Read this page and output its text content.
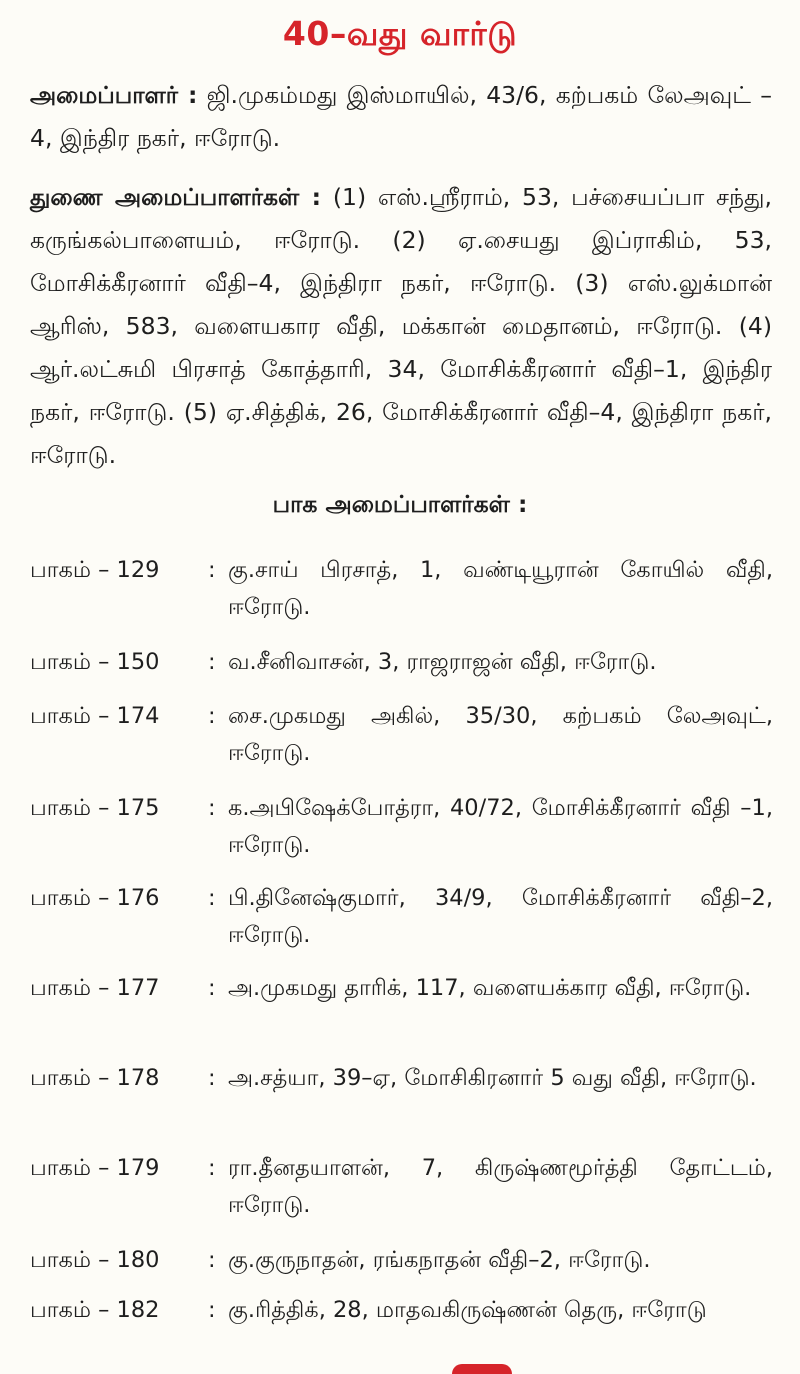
40–வது வார்டு
அமைப்பாளர் : ஜி.முகம்மது இஸ்மாயில், 43/6, கற்பகம் லேஅவுட் – 4, இந்திர நகர், ஈரோடு.
துணை அமைப்பாளர்கள் : (1) எஸ்.ஸ்ரீராம், 53, பச்சையப்பா சந்து, கருங்கல்பாளையம், ஈரோடு. (2) ஏ.சையது இப்ராகிம், 53, மோசிக்கீரனார் வீதி–4, இந்திரா நகர், ஈரோடு. (3) எஸ்.லுக்மான் ஆரிஸ், 583, வளையகார வீதி, மக்கான் மைதானம், ஈரோடு. (4) ஆர்.லட்சுமி பிரசாத் கோத்தாரி, 34, மோசிக்கீரனார் வீதி–1, இந்திர நகர், ஈரோடு. (5) ஏ.சித்திக், 26, மோசிக்கீரனார் வீதி–4, இந்திரா நகர், ஈரோடு.
பாக அமைப்பாளர்கள் :
பாகம் – 129 : கு.சாய் பிரசாத், 1, வண்டியூரான் கோயில் வீதி, ஈரோடு.
பாகம் – 150 : வ.சீனிவாசன், 3, ராஜராஜன் வீதி, ஈரோடு.
பாகம் – 174 : சை.முகமது அகில், 35/30, கற்பகம் லேஅவுட், ஈரோடு.
பாகம் – 175 : க.அபிஷேக்போத்ரா, 40/72, மோசிக்கீரனார் வீதி –1, ஈரோடு.
பாகம் – 176 : பி.தினேஷ்குமார், 34/9, மோசிக்கீரனார் வீதி–2, ஈரோடு.
பாகம் – 177 : அ.முகமது தாரிக், 117, வளையக்கார வீதி, ஈரோடு.
பாகம் – 178 : அ.சத்யா, 39–ஏ, மோசிகிரனார் 5 வது வீதி, ஈரோடு.
பாகம் – 179 : ரா.தீனதயாளன், 7, கிருஷ்ணமூர்த்தி தோட்டம், ஈரோடு.
பாகம் – 180 : கு.குருநாதன், ரங்கநாதன் வீதி–2, ஈரோடு.
பாகம் – 182 : கு.ரித்திக், 28, மாதவகிருஷ்ணன் தெரு, ஈரோடு
